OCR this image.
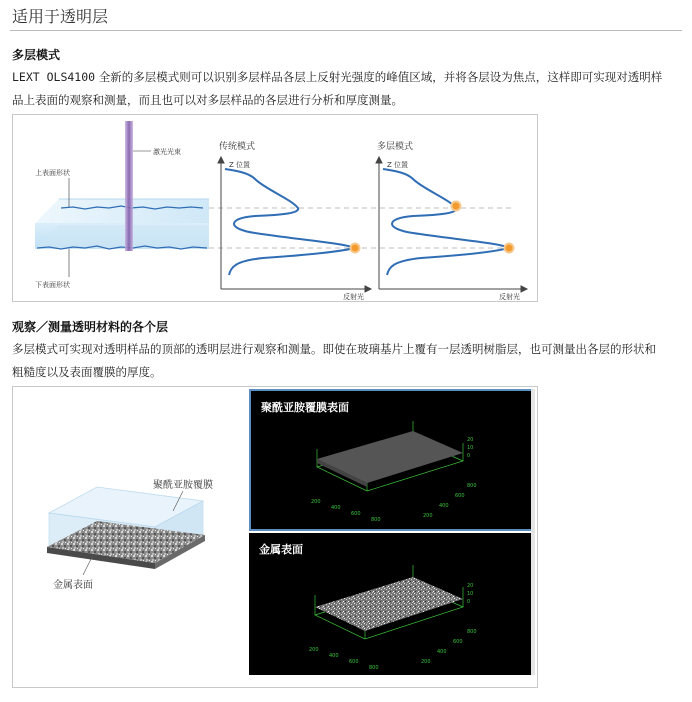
适用于透明层
多层模式
LEXT OLS4100 全新的多层模式则可以识别多层样品各层上反射光强度的峰值区域，并将各层设为焦点，这样即可实现对透明样
品上表面的观察和测量，而且也可以对多层样品的各层进行分析和厚度测量。
激光光束
上表面形状
下表面形状
传统模式
Z 位置
反射光
多层模式
Z 位置
反射光
观察／测量透明材料的各个层
多层模式可实现对透明样品的顶部的透明层进行观察和测量。即使在玻璃基片上覆有一层透明树脂层，也可测量出各层的形状和
粗糙度以及表面覆膜的厚度。
聚酰亚胺覆膜
金属表面
聚酰亚胺覆膜表面
200
400
600
800
200
400
600
800
0
10
20
金属表面
200
400
600
800
200
400
600
800
0
10
20
